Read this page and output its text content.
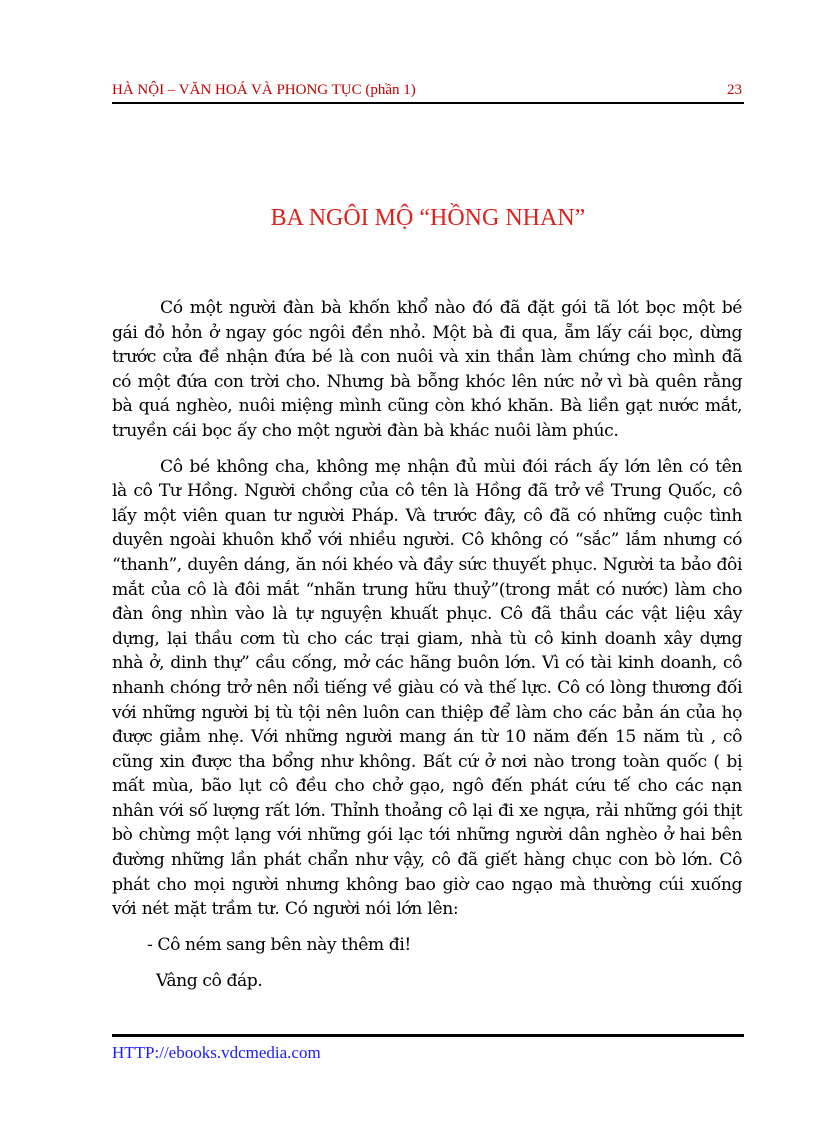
HÀ NỘI – VĂN HOÁ VÀ PHONG TỤC (phần 1)	23
BA NGÔI MỘ “HỒNG NHAN”

Có một người đàn bà khốn khổ nào đó đã đặt gói tã lót bọc một bé gái đỏ hỏn ở ngay góc ngôi đền nhỏ. Một bà đi qua, ẵm lấy cái bọc, dừng trước cửa đề nhận đứa bé là con nuôi và xin thần làm chứng cho mình đã có một đứa con trời cho. Nhưng bà bỗng khóc lên nức nở vì bà quên rằng bà quá nghèo, nuôi miệng mình cũng còn khó khăn. Bà liền gạt nước mắt, truyền cái bọc ấy cho một người đàn bà khác nuôi làm phúc.

Cô bé không cha, không mẹ nhận đủ mùi đói rách ấy lớn lên có tên là cô Tư Hồng. Người chồng của cô tên là Hồng đã trở về Trung Quốc, cô lấy một viên quan tư người Pháp. Và trước đây, cô đã có những cuộc tình duyên ngoài khuôn khổ với nhiều người. Cô không có “sắc” lắm nhưng có “thanh”, duyên dáng, ăn nói khéo và đầy sức thuyết phục. Người ta bảo đôi mắt của cô là đôi mắt “nhãn trung hữu thuỷ”(trong mắt có nước) làm cho đàn ông nhìn vào là tự nguyện khuất phục. Cô đã thầu các vật liệu xây dựng, lại thầu cơm tù cho các trại giam, nhà tù cô kinh doanh xây dựng nhà ở, dinh thự” cầu cống, mở các hãng buôn lớn. Vì có tài kinh doanh, cô nhanh chóng trở nên nổi tiếng về giàu có và thế lực. Cô có lòng thương đối với những người bị tù tội nên luôn can thiệp để làm cho các bản án của họ được giảm nhẹ. Với những người mang án từ 10 năm đến 15 năm tù , cô cũng xin được tha bổng như không. Bất cứ ở nơi nào trong toàn quốc ( bị mất mùa, bão lụt cô đều cho chở gạo, ngô đến phát cứu tế cho các nạn nhân với số lượng rất lớn. Thỉnh thoảng cô lại đi xe ngựa, rải những gói thịt bò chừng một lạng với những gói lạc tới những người dân nghèo ở hai bên đường những lần phát chẩn như vậy, cô đã giết hàng chục con bò lớn. Cô phát cho mọi người nhưng không bao giờ cao ngạo mà thường cúi xuống với nét mặt trầm tư. Có người nói lớn lên:

- Cô ném sang bên này thêm đi!

Vâng cô đáp.

HTTP://ebooks.vdcmedia.com
